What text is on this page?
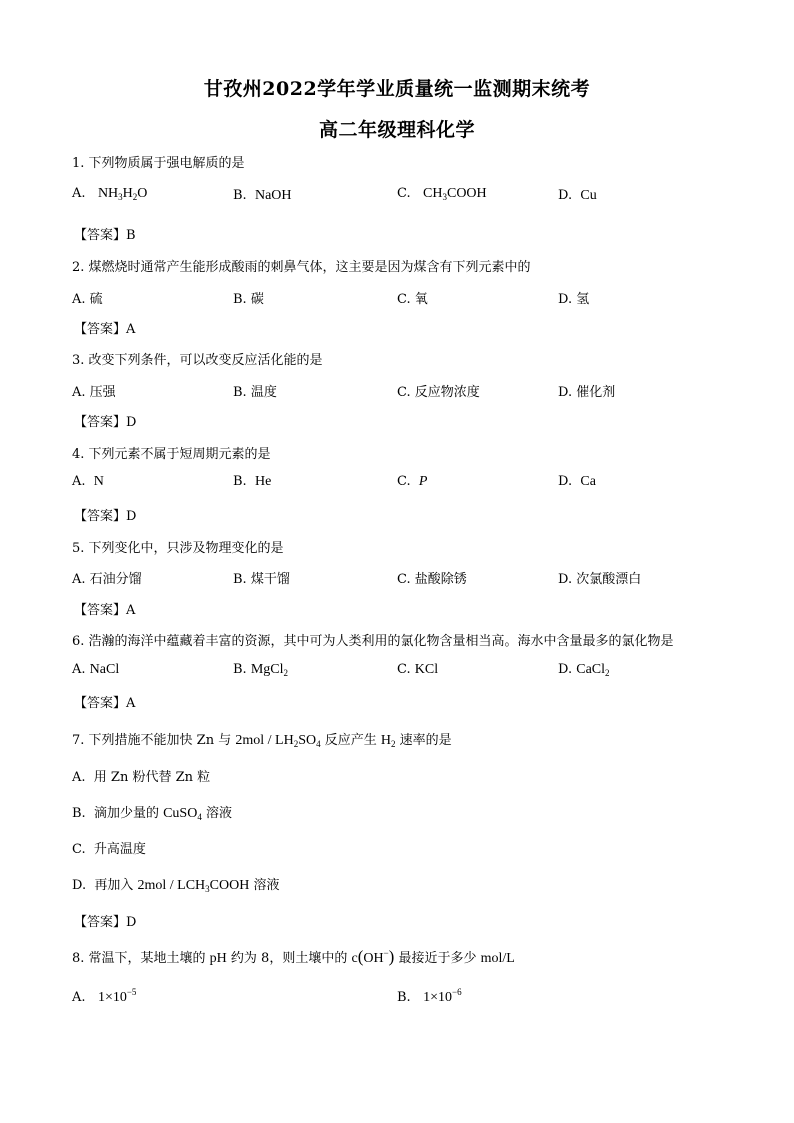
甘孜州2022学年学业质量统一监测期末统考
高二年级理科化学
1. 下列物质属于强电解质的是
A. $NH_3H_2O$	B. NaOH	C. $CH_3COOH$	D. Cu
【答案】B
2. 煤燃烧时通常产生能形成酸雨的刺鼻气体，这主要是因为煤含有下列元素中的
A. 硫	B. 碳	C. 氧	D. 氢
【答案】A
3. 改变下列条件，可以改变反应活化能的是
A. 压强	B. 温度	C. 反应物浓度	D. 催化剂
【答案】D
4. 下列元素不属于短周期元素的是
A. N	B. He	C. P	D. Ca
【答案】D
5. 下列变化中，只涉及物理变化的是
A. 石油分馏	B. 煤干馏	C. 盐酸除锈	D. 次氯酸漂白
【答案】A
6. 浩瀚的海洋中蕴藏着丰富的资源，其中可为人类利用的氯化物含量相当高。海水中含量最多的氯化物是
A. NaCl	B. MgCl$_2$	C. KCl	D. CaCl$_2$
【答案】A
7. 下列措施不能加快 Zn 与 $2mol / LH_2SO_4$ 反应产生 $H_2$ 速率的是
A. 用 Zn 粉代替 Zn 粒
B. 滴加少量的 CuSO$_4$ 溶液
C. 升高温度
D. 再加入 $2mol / LCH_3COOH$ 溶液
【答案】D
8. 常温下，某地土壤的 pH 约为 8，则土壤中的 c(OH−) 最接近于多少 mol/L
A. $1\times 10^{-5}$	B. $1\times 10^{-6}$
